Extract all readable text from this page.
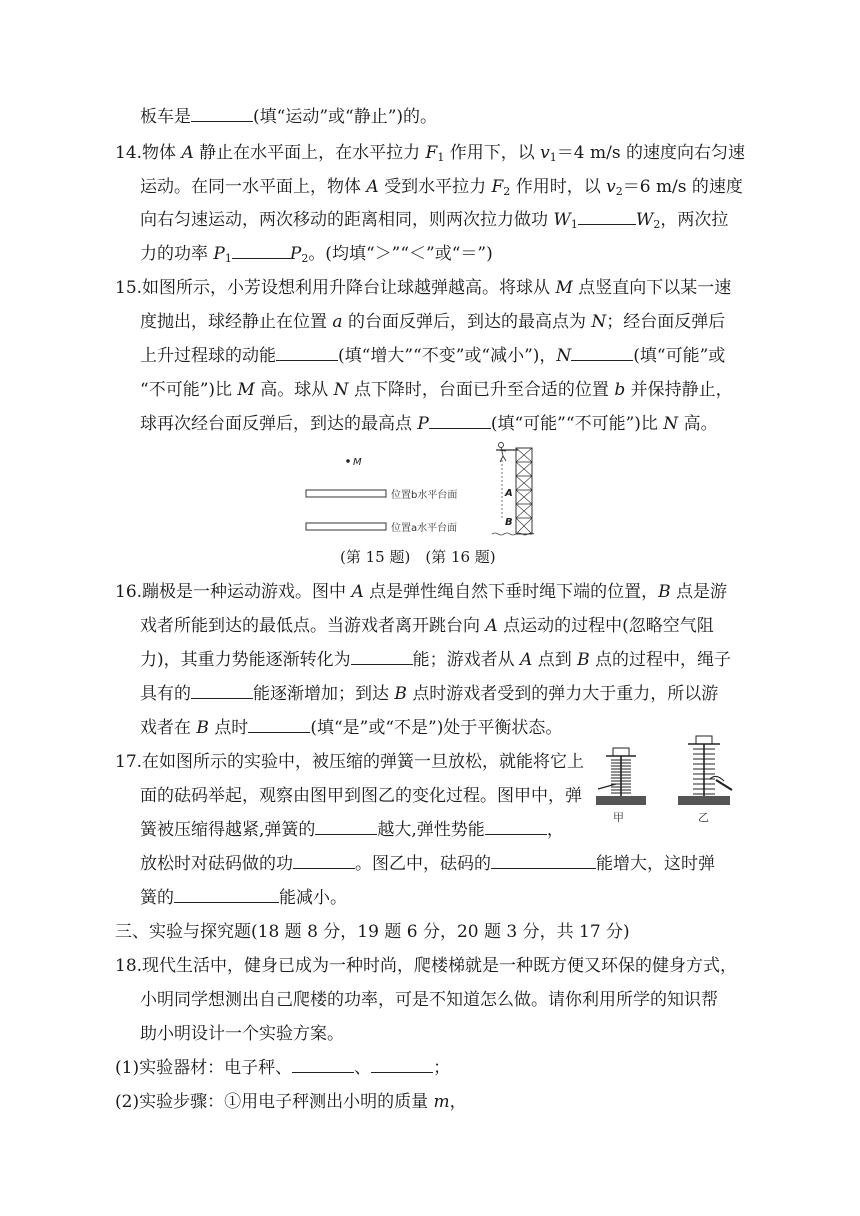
板车是	(填“运动”或“静止”)的。
14.物体 A 静止在水平面上，在水平拉力 $F_1$ 作用下，以 $v_1=4$ m/s 的速度向右匀速
运动。在同一水平面上，物体 A 受到水平拉力 $F_2$ 作用时，以 $v_2=6$ m/s 的速度
向右匀速运动，两次移动的距离相同，则两次拉力做功 $W_1$	$W_2$，两次拉
力的功率 $P_1$	$P_2$。(均填“＞”“＜”或“＝”)
15.如图所示，小芳设想利用升降台让球越弹越高。将球从 M 点竖直向下以某一速
度抛出，球经静止在位置 a 的台面反弹后，到达的最高点为 N；经台面反弹后
上升过程球的动能	(填“增大”“不变”或“减小”)，N	(填“可能”或
“不可能”)比 M 高。球从 N 点下降时，台面已升至合适的位置 b 并保持静止，
球再次经台面反弹后，到达的最高点 P	(填“可能”“不可能”)比 N 高。
M
位置b水平台面
位置a水平台面
A
B
(第 15 题)　(第 16 题)
16.蹦极是一种运动游戏。图中 A 点是弹性绳自然下垂时绳下端的位置，B 点是游
戏者所能到达的最低点。当游戏者离开跳台向 A 点运动的过程中(忽略空气阻
力)，其重力势能逐渐转化为	能；游戏者从 A 点到 B 点的过程中，绳子
具有的	能逐渐增加；到达 B 点时游戏者受到的弹力大于重力，所以游
戏者在 B 点时	(填“是”或“不是”)处于平衡状态。
17.在如图所示的实验中，被压缩的弹簧一旦放松，就能将它上
面的砝码举起，观察由图甲到图乙的变化过程。图甲中，弹
簧被压缩得越紧,弹簧的	越大,弹性势能	，
放松时对砝码做的功	。图乙中，砝码的	能增大，这时弹
簧的	能减小。
甲	乙
三、实验与探究题(18 题 8 分，19 题 6 分，20 题 3 分，共 17 分)
18.现代生活中，健身已成为一种时尚，爬楼梯就是一种既方便又环保的健身方式，
小明同学想测出自己爬楼的功率，可是不知道怎么做。请你利用所学的知识帮
助小明设计一个实验方案。
(1)实验器材：电子秤、	、	；
(2)实验步骤：①用电子秤测出小明的质量 m，
